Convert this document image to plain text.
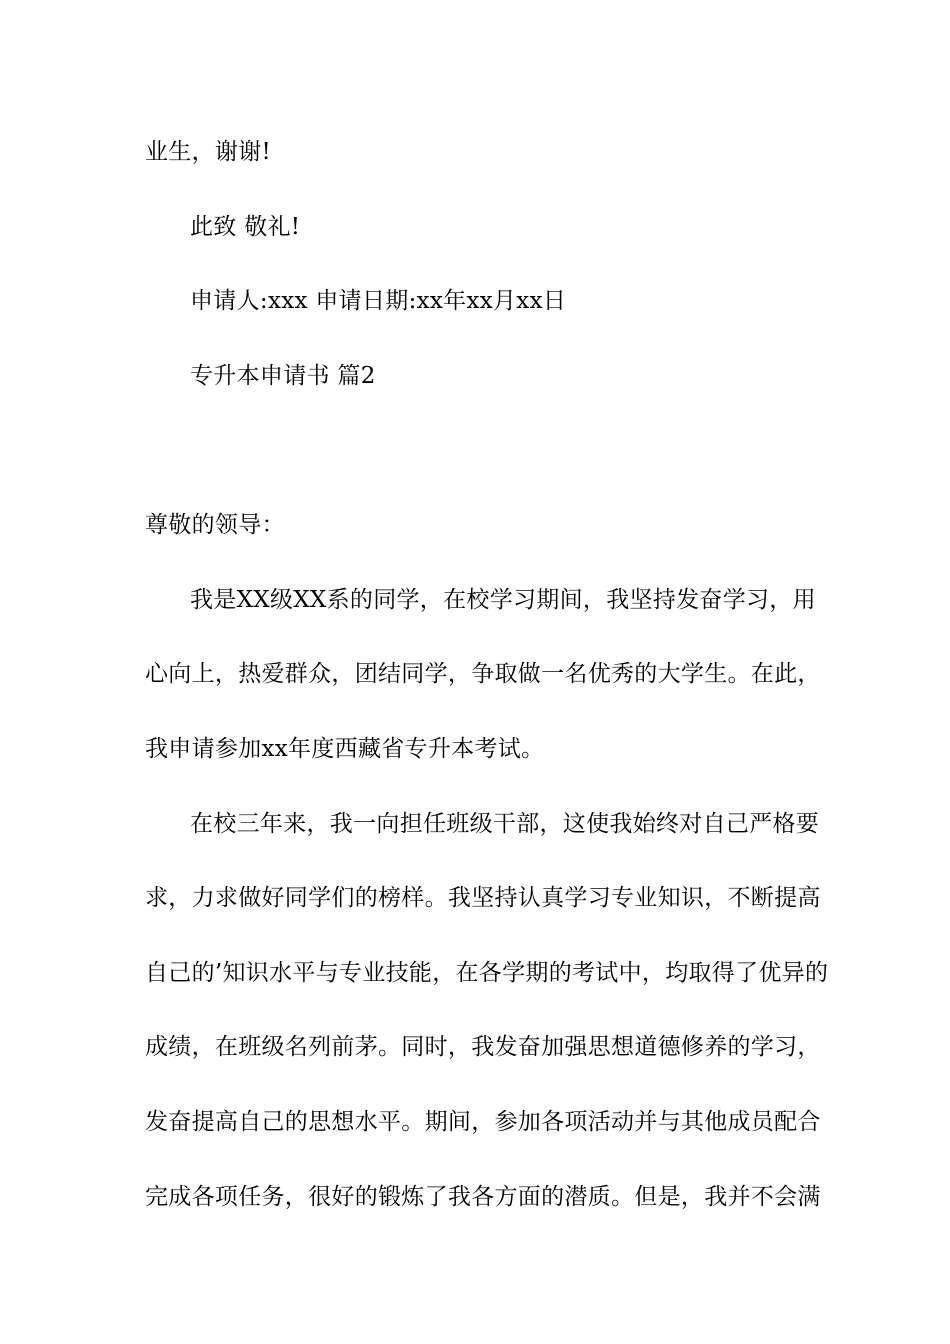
业生，谢谢!
此致 敬礼!
申请人:xxx 申请日期:xx年xx月xx日
专升本申请书 篇2
尊敬的领导：
我是XX级XX系的同学，在校学习期间，我坚持发奋学习，用
心向上，热爱群众，团结同学，争取做一名优秀的大学生。在此，
我申请参加xx年度西藏省专升本考试。
在校三年来，我一向担任班级干部，这使我始终对自己严格要
求，力求做好同学们的榜样。我坚持认真学习专业知识，不断提高
自己的’知识水平与专业技能，在各学期的考试中，均取得了优异的
成绩，在班级名列前茅。同时，我发奋加强思想道德修养的学习，
发奋提高自己的思想水平。期间，参加各项活动并与其他成员配合
完成各项任务，很好的锻炼了我各方面的潜质。但是，我并不会满
